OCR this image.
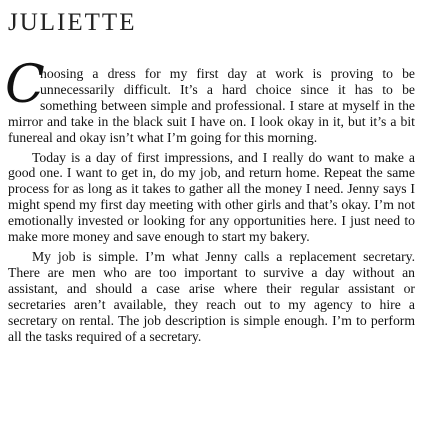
JULIETTE

C
hoosing a dress for my first day at work is proving to be unnecessarily difficult. It’s a hard choice since it has to be something between simple and professional. I stare at myself in the mirror and take in the black suit I have on. I look okay in it, but it’s a bit funereal and okay isn’t what I’m going for this morning.

Today is a day of first impressions, and I really do want to make a good one. I want to get in, do my job, and return home. Repeat the same process for as long as it takes to gather all the money I need. Jenny says I might spend my first day meeting with other girls and that’s okay. I’m not emotionally invested or looking for any opportunities here. I just need to make more money and save enough to start my bakery.

My job is simple. I’m what Jenny calls a replacement secretary. There are men who are too important to survive a day without an assistant, and should a case arise where their regular assistant or secretaries aren’t available, they reach out to my agency to hire a secretary on rental. The job description is simple enough. I’m to perform all the tasks required of a secretary.
